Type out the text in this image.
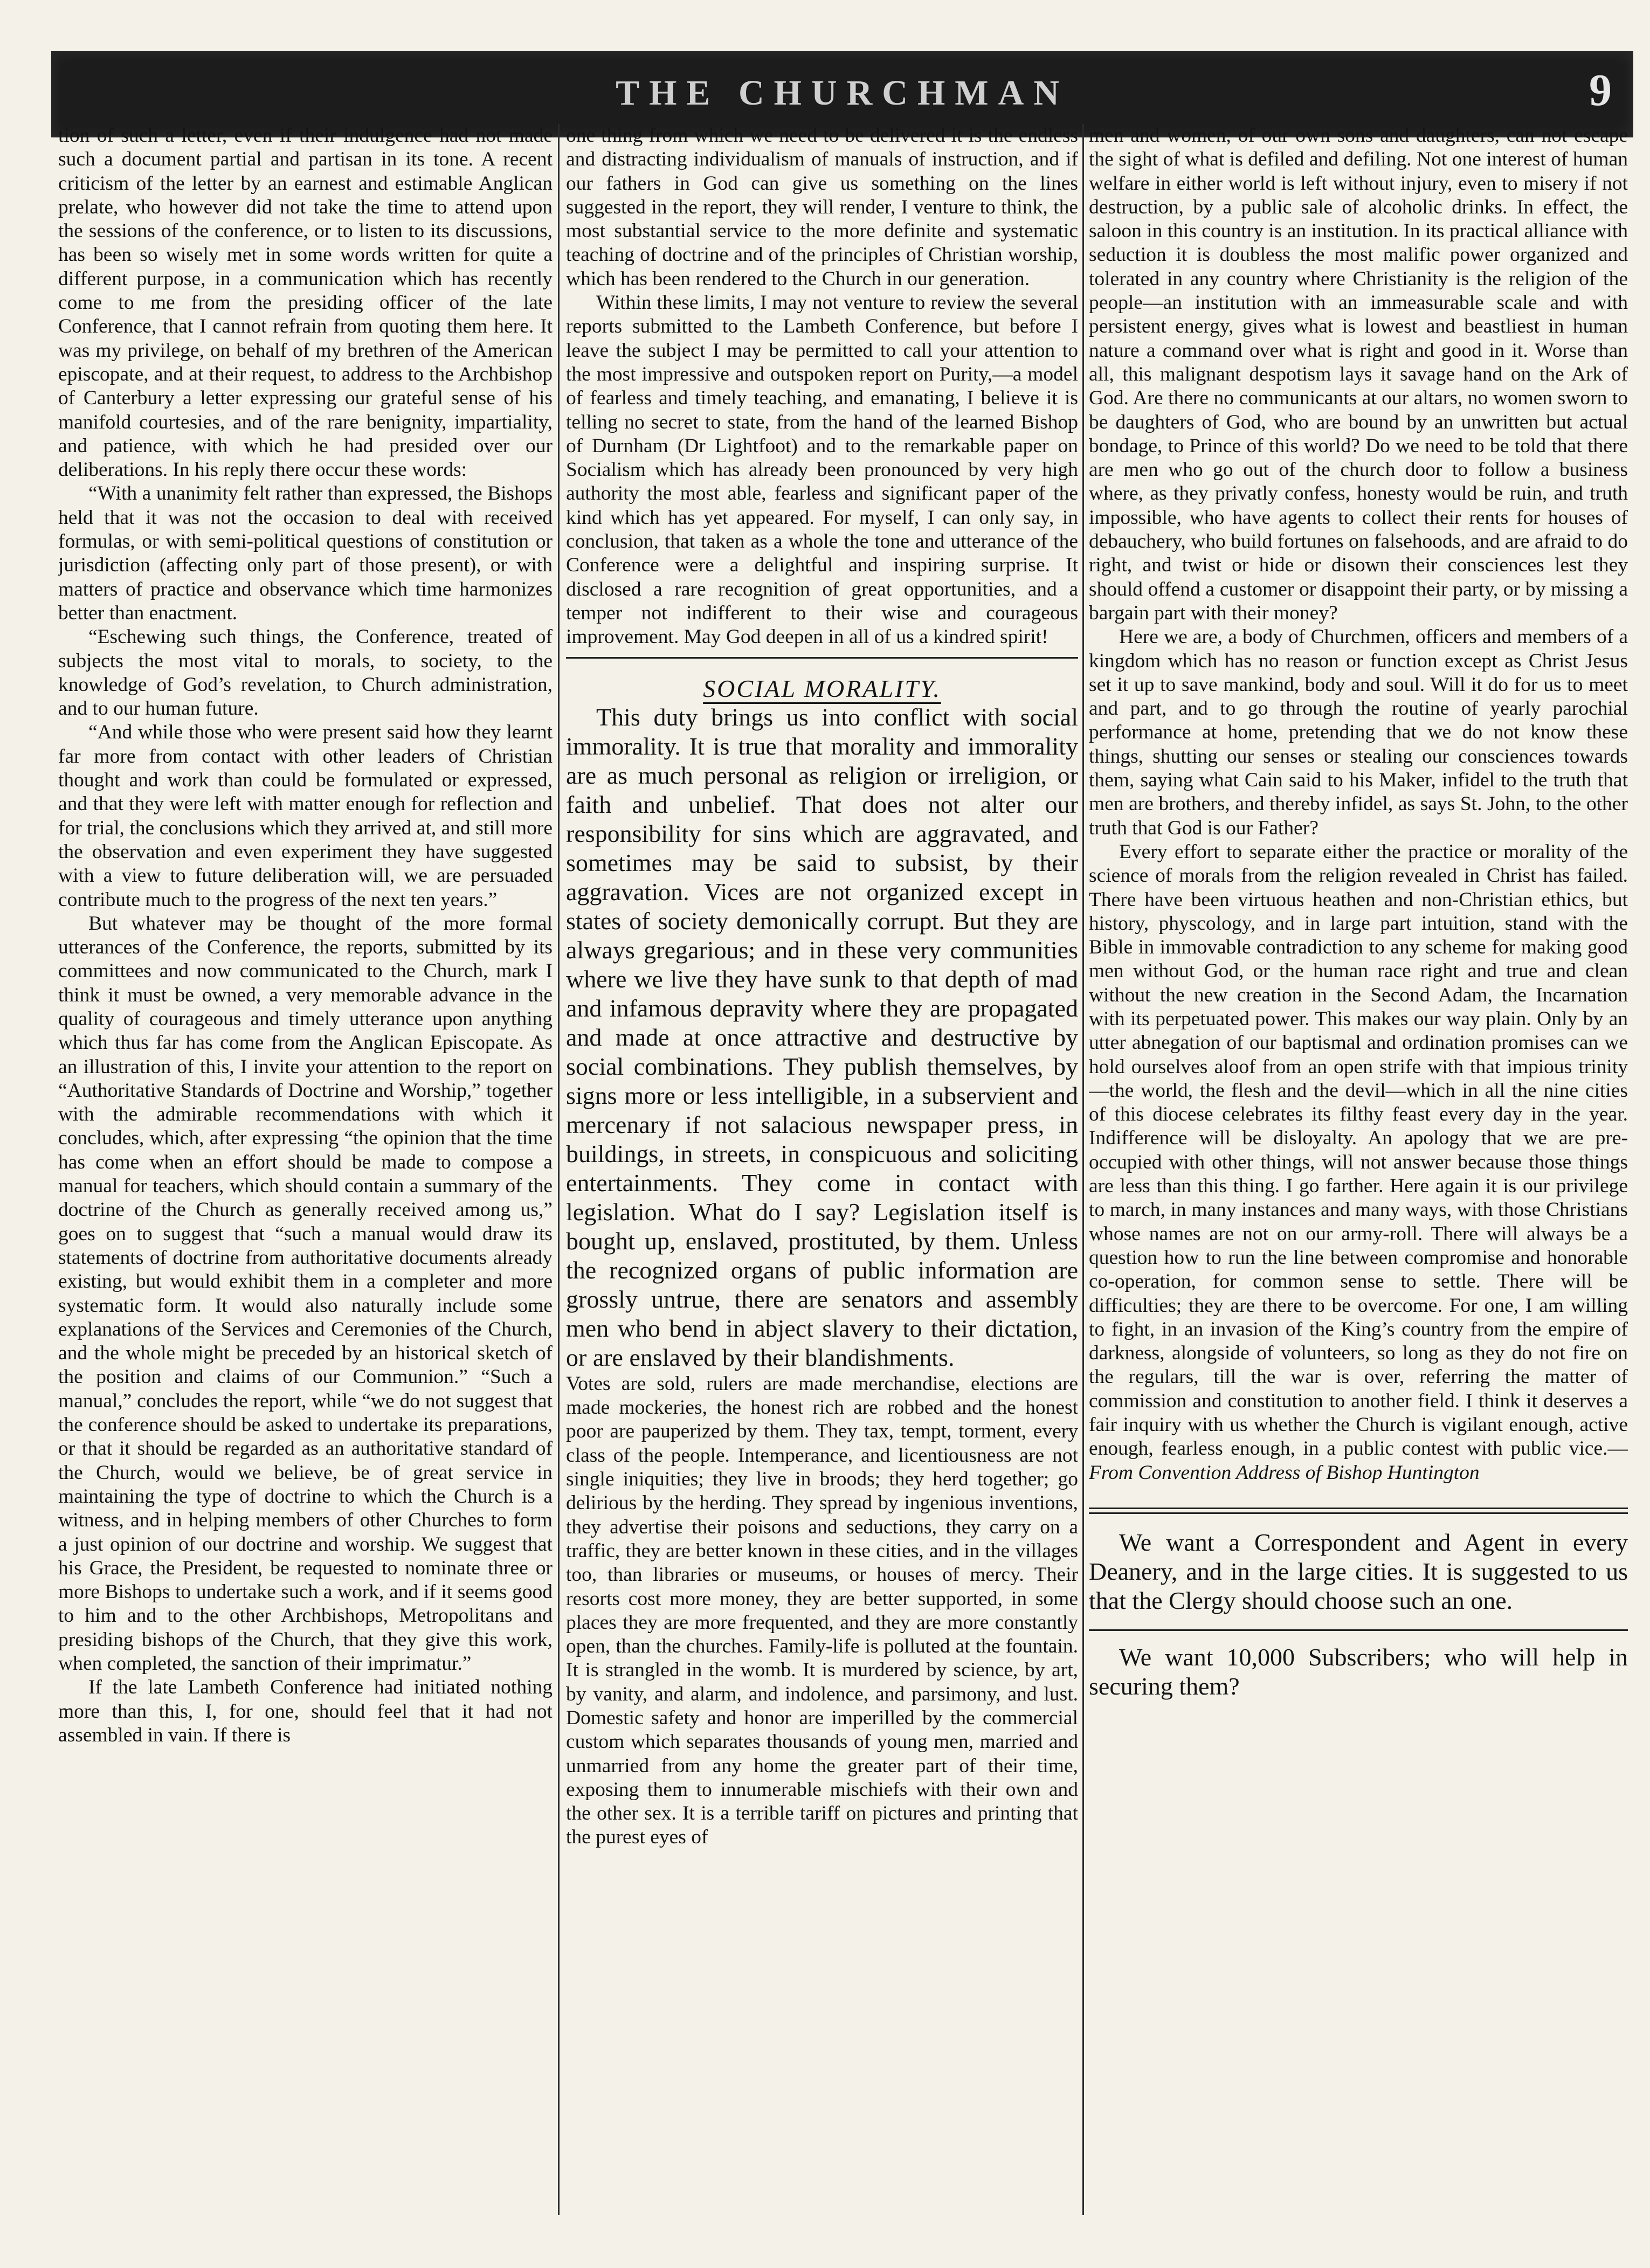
THE CHURCHMAN	9

tion of such a letter, even if their indulgence had not made such a document partial and partisan in its tone. A recent criticism of the letter by an earnest and estimable Anglican prelate, who however did not take the time to attend upon the sessions of the conference, or to listen to its discussions, has been so wisely met in some words written for quite a different purpose, in a communication which has recently come to me from the presiding officer of the late Conference, that I cannot refrain from quoting them here. It was my privilege, on behalf of my brethren of the American episcopate, and at their request, to address to the Archbishop of Canterbury a letter expressing our grateful sense of his manifold courtesies, and of the rare benignity, impartiality, and patience, with which he had presided over our deliberations. In his reply there occur these words:

“With a unanimity felt rather than expressed, the Bishops held that it was not the occasion to deal with received formulas, or with semi-political questions of constitution or jurisdiction (affecting only part of those present), or with matters of practice and observance which time harmonizes better than enactment.

“Eschewing such things, the Conference, treated of subjects the most vital to morals, to society, to the knowledge of God’s revelation, to Church administration, and to our human future.

“And while those who were present said how they learnt far more from contact with other leaders of Christian thought and work than could be formulated or expressed, and that they were left with matter enough for reflection and for trial, the conclusions which they arrived at, and still more the observation and even experiment they have suggested with a view to future deliberation will, we are persuaded contribute much to the progress of the next ten years.”

But whatever may be thought of the more formal utterances of the Conference, the reports, submitted by its committees and now communicated to the Church, mark I think it must be owned, a very memorable advance in the quality of courageous and timely utterance upon anything which thus far has come from the Anglican Episcopate. As an illustration of this, I invite your attention to the report on “Authoritative Standards of Doctrine and Worship,” together with the admirable recommendations with which it concludes, which, after expressing “the opinion that the time has come when an effort should be made to compose a manual for teachers, which should contain a summary of the doctrine of the Church as generally received among us,” goes on to suggest that “such a manual would draw its statements of doctrine from authoritative documents already existing, but would exhibit them in a completer and more systematic form. It would also naturally include some explanations of the Services and Ceremonies of the Church, and the whole might be preceded by an historical sketch of the position and claims of our Communion.” “Such a manual,” concludes the report, while “we do not suggest that the conference should be asked to undertake its preparations, or that it should be regarded as an authoritative standard of the Church, would we believe, be of great service in maintaining the type of doctrine to which the Church is a witness, and in helping members of other Churches to form a just opinion of our doctrine and worship. We suggest that his Grace, the President, be requested to nominate three or more Bishops to undertake such a work, and if it seems good to him and to the other Archbishops, Metropolitans and presiding bishops of the Church, that they give this work, when completed, the sanction of their imprimatur.”

If the late Lambeth Conference had initiated nothing more than this, I, for one, should feel that it had not assembled in vain. If there is

one thing from which we need to be delivered it is the endless and distracting individualism of manuals of instruction, and if our fathers in God can give us something on the lines suggested in the report, they will render, I venture to think, the most substantial service to the more definite and systematic teaching of doctrine and of the principles of Christian worship, which has been rendered to the Church in our generation.

Within these limits, I may not venture to review the several reports submitted to the Lambeth Conference, but before I leave the subject I may be permitted to call your attention to the most impressive and outspoken report on Purity,—a model of fearless and timely teaching, and emanating, I believe it is telling no secret to state, from the hand of the learned Bishop of Durnham (Dr Lightfoot) and to the remarkable paper on Socialism which has already been pronounced by very high authority the most able, fearless and significant paper of the kind which has yet appeared. For myself, I can only say, in conclusion, that taken as a whole the tone and utterance of the Conference were a delightful and inspiring surprise. It disclosed a rare recognition of great opportunities, and a temper not indifferent to their wise and courageous improvement. May God deepen in all of us a kindred spirit!

SOCIAL MORALITY.

This duty brings us into conflict with social immorality. It is true that morality and immorality are as much personal as religion or irreligion, or faith and unbelief. That does not alter our responsibility for sins which are aggravated, and sometimes may be said to subsist, by their aggravation. Vices are not organized except in states of society demonically corrupt. But they are always gregarious; and in these very communities where we live they have sunk to that depth of mad and infamous depravity where they are propagated and made at once attractive and destructive by social combinations. They publish themselves, by signs more or less intelligible, in a subservient and mercenary if not salacious newspaper press, in buildings, in streets, in conspicuous and soliciting entertainments. They come in contact with legislation. What do I say? Legislation itself is bought up, enslaved, prostituted, by them. Unless the recognized organs of public information are grossly untrue, there are senators and assembly men who bend in abject slavery to their dictation, or are enslaved by their blandishments.

Votes are sold, rulers are made merchandise, elections are made mockeries, the honest rich are robbed and the honest poor are pauperized by them. They tax, tempt, torment, every class of the people. Intemperance, and licentiousness are not single iniquities; they live in broods; they herd together; go delirious by the herding. They spread by ingenious inventions, they advertise their poisons and seductions, they carry on a traffic, they are better known in these cities, and in the villages too, than libraries or museums, or houses of mercy. Their resorts cost more money, they are better supported, in some places they are more frequented, and they are more constantly open, than the churches. Family-life is polluted at the fountain. It is strangled in the womb. It is murdered by science, by art, by vanity, and alarm, and indolence, and parsimony, and lust. Domestic safety and honor are imperilled by the commercial custom which separates thousands of young men, married and unmarried from any home the greater part of their time, exposing them to innumerable mischiefs with their own and the other sex. It is a terrible tariff on pictures and printing that the purest eyes of

men and women, of our own sons and daughters, can not escape the sight of what is defiled and defiling. Not one interest of human welfare in either world is left without injury, even to misery if not destruction, by a public sale of alcoholic drinks. In effect, the saloon in this country is an institution. In its practical alliance with seduction it is doubless the most malific power organized and tolerated in any country where Christianity is the religion of the people—an institution with an immeasurable scale and with persistent energy, gives what is lowest and beastliest in human nature a command over what is right and good in it. Worse than all, this malignant despotism lays it savage hand on the Ark of God. Are there no communicants at our altars, no women sworn to be daughters of God, who are bound by an unwritten but actual bondage, to Prince of this world? Do we need to be told that there are men who go out of the church door to follow a business where, as they privatly confess, honesty would be ruin, and truth impossible, who have agents to collect their rents for houses of debauchery, who build fortunes on falsehoods, and are afraid to do right, and twist or hide or disown their consciences lest they should offend a customer or disappoint their party, or by missing a bargain part with their money?

Here we are, a body of Churchmen, officers and members of a kingdom which has no reason or function except as Christ Jesus set it up to save mankind, body and soul. Will it do for us to meet and part, and to go through the routine of yearly parochial performance at home, pretending that we do not know these things, shutting our senses or stealing our consciences towards them, saying what Cain said to his Maker, infidel to the truth that men are brothers, and thereby infidel, as says St. John, to the other truth that God is our Father?

Every effort to separate either the practice or morality of the science of morals from the religion revealed in Christ has failed. There have been virtuous heathen and non-Christian ethics, but history, physcology, and in large part intuition, stand with the Bible in immovable contradiction to any scheme for making good men without God, or the human race right and true and clean without the new creation in the Second Adam, the Incarnation with its perpetuated power. This makes our way plain. Only by an utter abnegation of our baptismal and ordination promises can we hold ourselves aloof from an open strife with that impious trinity—the world, the flesh and the devil—which in all the nine cities of this diocese celebrates its filthy feast every day in the year. Indifference will be disloyalty. An apology that we are pre-occupied with other things, will not answer because those things are less than this thing. I go farther. Here again it is our privilege to march, in many instances and many ways, with those Christians whose names are not on our army-roll. There will always be a question how to run the line between compromise and honorable co-operation, for common sense to settle. There will be difficulties; they are there to be overcome. For one, I am willing to fight, in an invasion of the King’s country from the empire of darkness, alongside of volunteers, so long as they do not fire on the regulars, till the war is over, referring the matter of commission and constitution to another field. I think it deserves a fair inquiry with us whether the Church is vigilant enough, active enough, fearless enough, in a public contest with public vice.—From Convention Address of Bishop Huntington

We want a Correspondent and Agent in every Deanery, and in the large cities. It is suggested to us that the Clergy should choose such an one.

We want 10,000 Subscribers; who will help in securing them?
